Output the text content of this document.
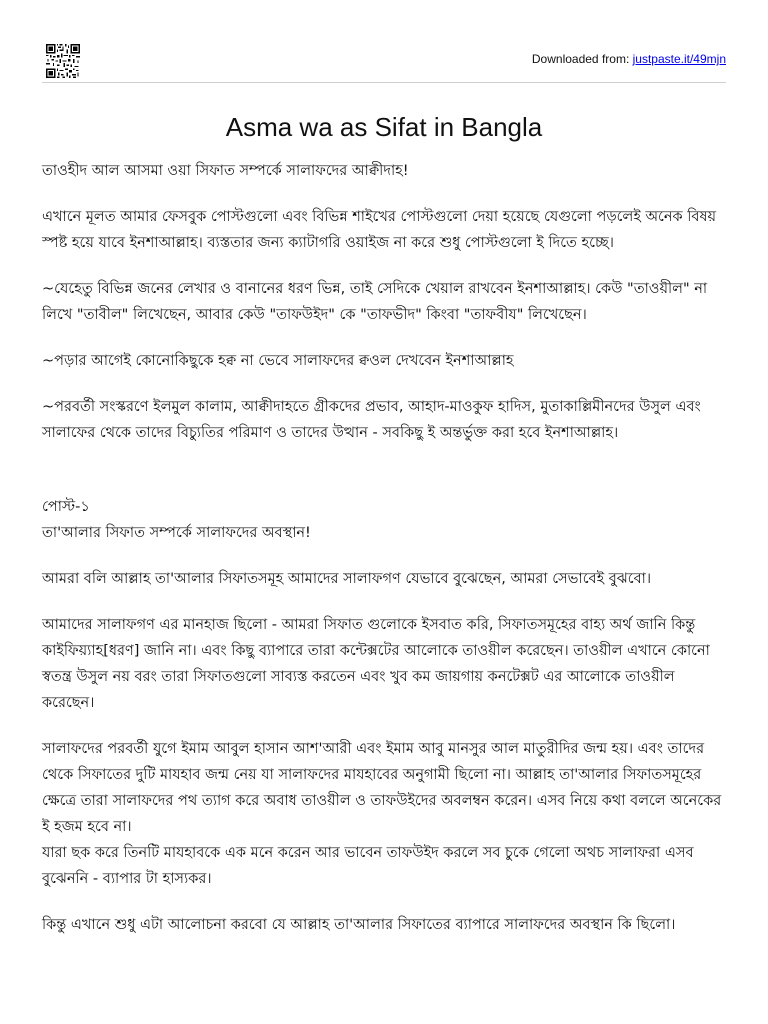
Downloaded from: justpaste.it/49mjn
Asma wa as Sifat in Bangla

তাওহীদ আল আসমা ওয়া সিফাত সম্পর্কে সালাফদের আক্বীদাহ!

এখানে মূলত আমার ফেসবুক পোস্টগুলো এবং বিভিন্ন শাইখের পোস্টগুলো দেয়া হয়েছে যেগুলো পড়লেই অনেক বিষয় স্পষ্ট হয়ে যাবে ইনশাআল্লাহ। ব্যস্ততার জন্য ক্যাটাগরি ওয়াইজ না করে শুধু পোস্টগুলো ই দিতে হচ্ছে।

~যেহেতু বিভিন্ন জনের লেখার ও বানানের ধরণ ভিন্ন, তাই সেদিকে খেয়াল রাখবেন ইনশাআল্লাহ। কেউ "তাওয়ীল" না লিখে "তাবীল" লিখেছেন, আবার কেউ "তাফউইদ" কে "তাফভীদ" কিংবা "তাফবীয" লিখেছেন।

~পড়ার আগেই কোনোকিছুকে হক্ব না ভেবে সালাফদের ক্বওল দেখবেন ইনশাআল্লাহ

~পরবর্তী সংস্করণে ইলমুল কালাম, আক্বীদাহতে গ্রীকদের প্রভাব, আহাদ-মাওকুফ হাদিস, মুতাকাল্লিমীনদের উসুল এবং সালাফের থেকে তাদের বিচ্যুতির পরিমাণ ও তাদের উত্থান - সবকিছু ই অন্তর্ভুক্ত করা হবে ইনশাআল্লাহ।

পোস্ট-১

তা'আলার সিফাত সম্পর্কে সালাফদের অবস্থান!

আমরা বলি আল্লাহ তা'আলার সিফাতসমূহ আমাদের সালাফগণ যেভাবে বুঝেছেন, আমরা সেভাবেই বুঝবো।

আমাদের সালাফগণ এর মানহাজ ছিলো - আমরা সিফাত গুলোকে ইসবাত করি, সিফাতসমূহের বাহ্য অর্থ জানি কিন্তু কাইফিয়্যাহ[ধরণ] জানি না। এবং কিছু ব্যাপারে তারা কন্টেক্সটের আলোকে তাওয়ীল করেছেন। তাওয়ীল এখানে কোনো স্বতন্ত্র উসুল নয় বরং তারা সিফাতগুলো সাব্যস্ত করতেন এবং খুব কম জায়গায় কনটেক্সট এর আলোকে তাওয়ীল করেছেন।

সালাফদের পরবর্তী যুগে ইমাম আবুল হাসান আশ'আরী এবং ইমাম আবু মানসুর আল মাতুরীদির জন্ম হয়। এবং তাদের থেকে সিফাতের দুটি মাযহাব জন্ম নেয় যা সালাফদের মাযহাবের অনুগামী ছিলো না। আল্লাহ তা'আলার সিফাতসমূহের ক্ষেত্রে তারা সালাফদের পথ ত্যাগ করে অবাধ তাওয়ীল ও তাফউইদের অবলম্বন করেন। এসব নিয়ে কথা বললে অনেকের ই হজম হবে না।

যারা ছক করে তিনটি মাযহাবকে এক মনে করেন আর ভাবেন তাফউইদ করলে সব চুকে গেলো অথচ সালাফরা এসব বুঝেননি - ব্যাপার টা হাস্যকর।

কিন্তু এখানে শুধু এটা আলোচনা করবো যে আল্লাহ তা'আলার সিফাতের ব্যাপারে সালাফদের অবস্থান কি ছিলো।
